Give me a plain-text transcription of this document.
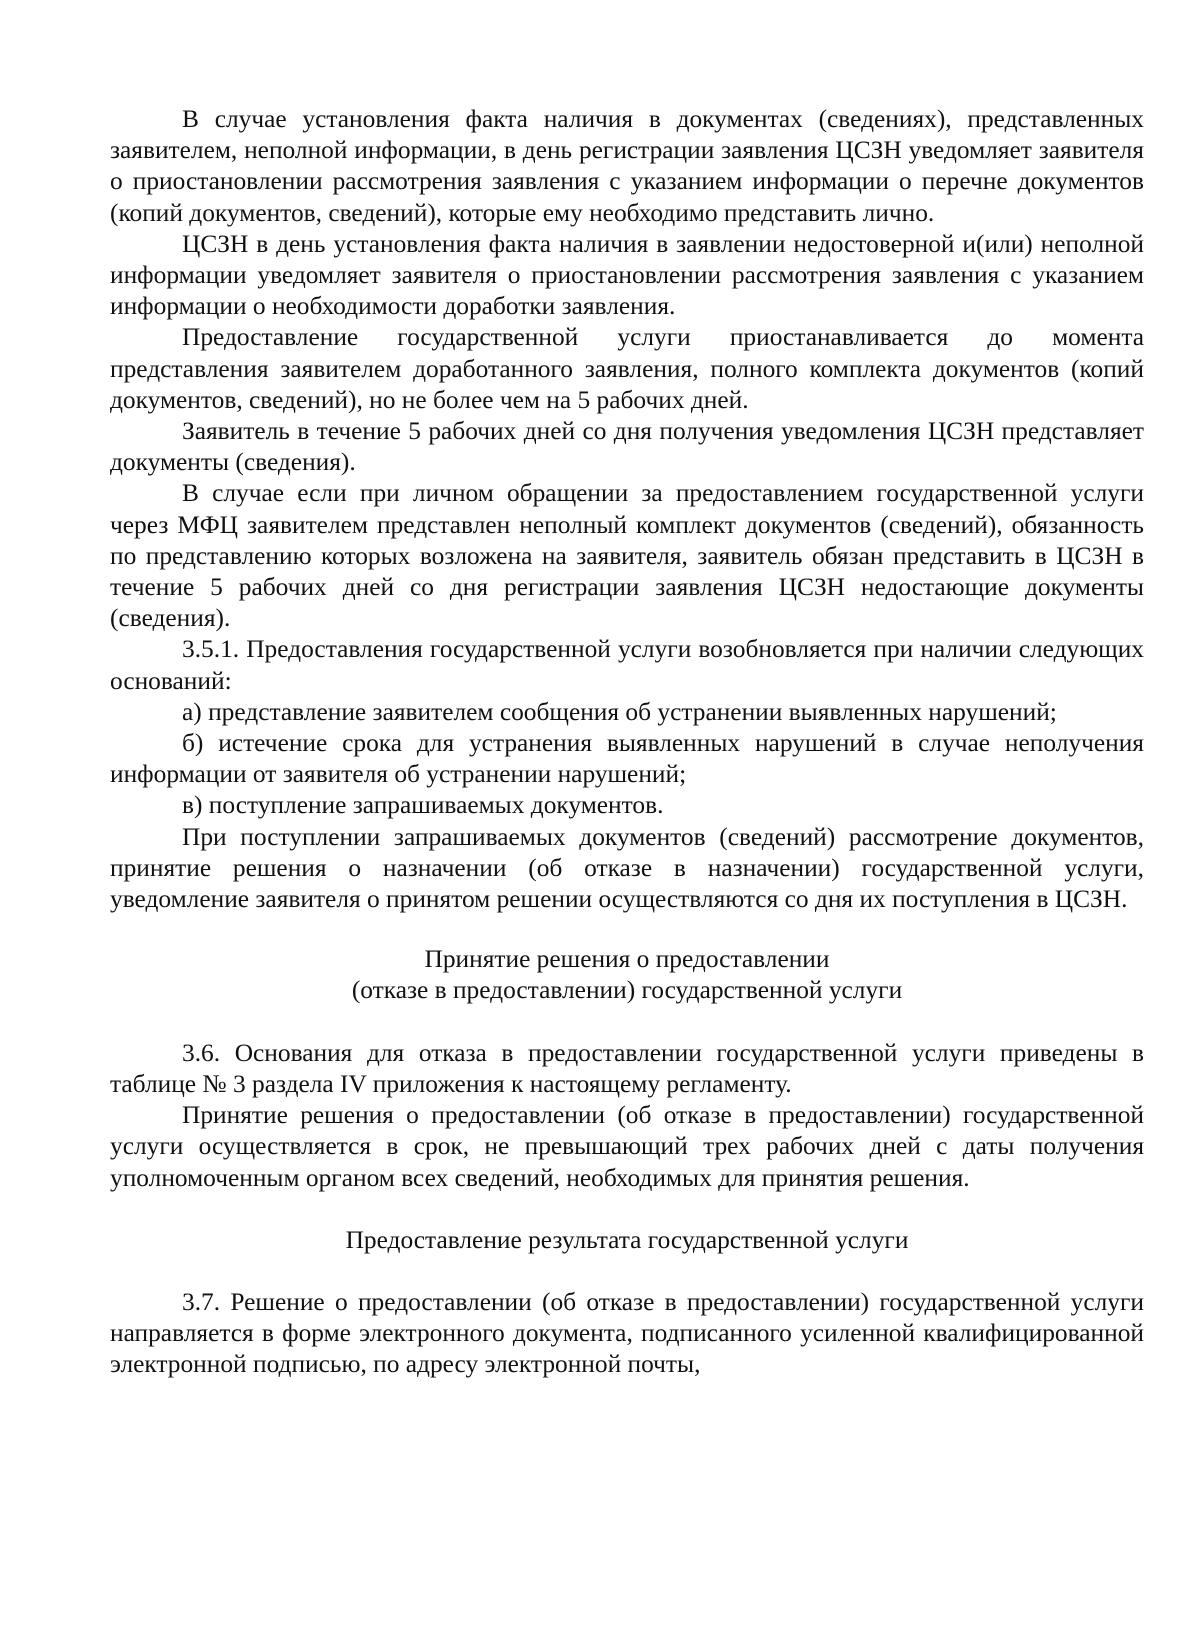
В случае установления факта наличия в документах (сведениях), представленных заявителем, неполной информации, в день регистрации заявления ЦСЗН уведомляет заявителя о приостановлении рассмотрения заявления с указанием информации о перечне документов (копий документов, сведений), которые ему необходимо представить лично.

ЦСЗН в день установления факта наличия в заявлении недостоверной и(или) неполной информации уведомляет заявителя о приостановлении рассмотрения заявления с указанием информации о необходимости доработки заявления.

Предоставление государственной услуги приостанавливается до момента представления заявителем доработанного заявления, полного комплекта документов (копий документов, сведений), но не более чем на 5 рабочих дней.

Заявитель в течение 5 рабочих дней со дня получения уведомления ЦСЗН представляет документы (сведения).

В случае если при личном обращении за предоставлением государственной услуги через МФЦ заявителем представлен неполный комплект документов (сведений), обязанность по представлению которых возложена на заявителя, заявитель обязан представить в ЦСЗН в течение 5 рабочих дней со дня регистрации заявления ЦСЗН недостающие документы (сведения).

3.5.1. Предоставления государственной услуги возобновляется при наличии следующих оснований:

а) представление заявителем сообщения об устранении выявленных нарушений;

б) истечение срока для устранения выявленных нарушений в случае неполучения информации от заявителя об устранении нарушений;

в) поступление запрашиваемых документов.

При поступлении запрашиваемых документов (сведений) рассмотрение документов, принятие решения о назначении (об отказе в назначении) государственной услуги, уведомление заявителя о принятом решении осуществляются со дня их поступления в ЦСЗН.

Принятие решения о предоставлении
(отказе в предоставлении) государственной услуги

3.6. Основания для отказа в предоставлении государственной услуги приведены в таблице № 3 раздела IV приложения к настоящему регламенту.

Принятие решения о предоставлении (об отказе в предоставлении) государственной услуги осуществляется в срок, не превышающий трех рабочих дней с даты получения уполномоченным органом всех сведений, необходимых для принятия решения.

Предоставление результата государственной услуги

3.7. Решение о предоставлении (об отказе в предоставлении) государственной услуги направляется в форме электронного документа, подписанного усиленной квалифицированной электронной подписью, по адресу электронной почты,
